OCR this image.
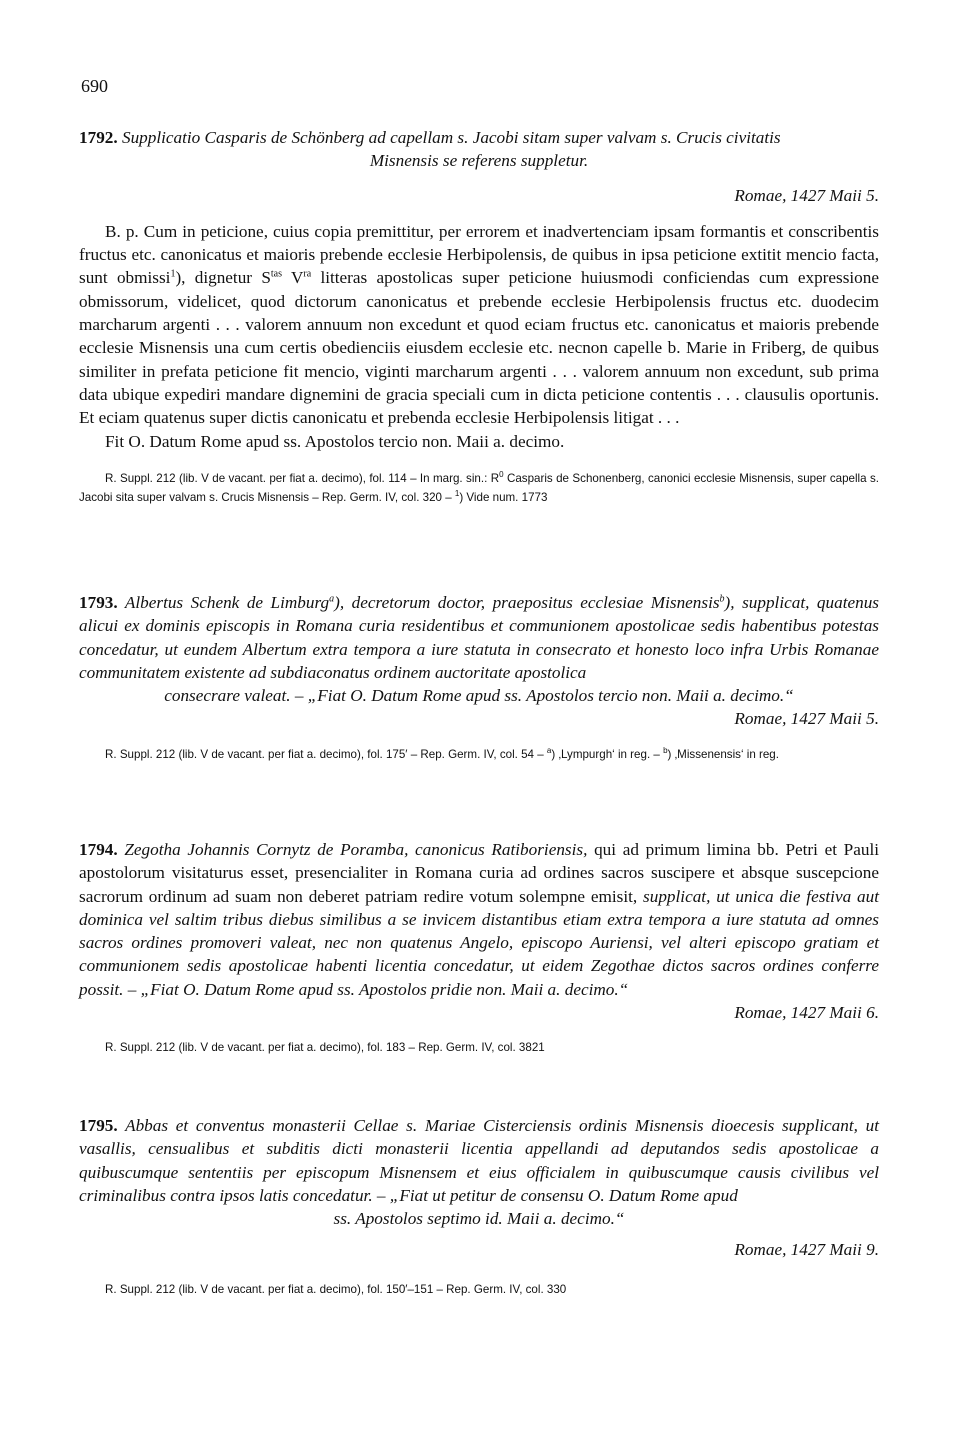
690

1792. Supplicatio Casparis de Schönberg ad capellam s. Jacobi sitam super valvam s. Crucis civitatis

Misnensis se referens suppletur.

Romae, 1427 Maii 5.

B. p. Cum in peticione, cuius copia premittitur, per errorem et inadvertenciam ipsam formantis et conscribentis fructus etc. canonicatus et maioris prebende ecclesie Herbipolensis, de quibus in ipsa peticione extitit mencio facta, sunt obmissi$^1$), dignetur $S^{tas}$ $V^{ra}$ litteras apostolicas super peticione huiusmodi conficiendas cum expressione obmissorum, videlicet, quod dictorum canonicatus et prebende ecclesie Herbipolensis fructus etc. duodecim marcharum argenti . . . valorem annuum non excedunt et quod eciam fructus etc. canonicatus et maioris prebende ecclesie Misnensis una cum certis obedienciis eiusdem ecclesie etc. necnon capelle b. Marie in Friberg, de quibus similiter in prefata peticione fit mencio, viginti marcharum argenti . . . valorem annuum non excedunt, sub prima data ubique expediri mandare dignemini de gracia speciali cum in dicta peticione contentis . . . clausulis oportunis. Et eciam quatenus super dictis canonicatu et prebenda ecclesie Herbipolensis litigat . . .

Fit O. Datum Rome apud ss. Apostolos tercio non. Maii a. decimo.

R. Suppl. 212 (lib. V de vacant. per fiat a. decimo), fol. 114 – In marg. sin.: $R^0$ Casparis de Schonenberg, canonici ecclesie Misnensis, super capella s. Jacobi sita super valvam s. Crucis Misnensis – Rep. Germ. IV, col. 320 – $^1$) Vide num. 1773

1793. Albertus Schenk de Limburg$^a$), decretorum doctor, praepositus ecclesiae Misnensis$^b$), supplicat, quatenus alicui ex dominis episcopis in Romana curia residentibus et communionem apostolicae sedis habentibus potestas concedatur, ut eundem Albertum extra tempora a iure statuta in consecrato et honesto loco infra Urbis Romanae communitatem existente ad subdiaconatus ordinem auctoritate apostolica

consecrare valeat. – „Fiat O. Datum Rome apud ss. Apostolos tercio non. Maii a. decimo.“

Romae, 1427 Maii 5.

R. Suppl. 212 (lib. V de vacant. per fiat a. decimo), fol. 175′ – Rep. Germ. IV, col. 54 – $^a$) ‚Lympurgh‘ in reg. – $^b$) ‚Missenensis‘ in reg.

1794. Zegotha Johannis Cornytz de Poramba, canonicus Ratiboriensis, qui ad primum limina bb. Petri et Pauli apostolorum visitaturus esset, presencialiter in Romana curia ad ordines sacros suscipere et absque suscepcione sacrorum ordinum ad suam non deberet patriam redire votum solempne emisit, supplicat, ut unica die festiva aut dominica vel saltim tribus diebus similibus a se invicem distantibus etiam extra tempora a iure statuta ad omnes sacros ordines promoveri valeat, nec non quatenus Angelo, episcopo Auriensi, vel alteri episcopo gratiam et communionem sedis apostolicae habenti licentia concedatur, ut eidem Zegothae dictos sacros ordines conferre possit. – „Fiat O. Datum Rome apud ss. Apostolos pridie non. Maii a. decimo.“

Romae, 1427 Maii 6.

R. Suppl. 212 (lib. V de vacant. per fiat a. decimo), fol. 183 – Rep. Germ. IV, col. 3821

1795. Abbas et conventus monasterii Cellae s. Mariae Cisterciensis ordinis Misnensis dioecesis supplicant, ut vasallis, censualibus et subditis dicti monasterii licentia appellandi ad deputandos sedis apostolicae a quibuscumque sententiis per episcopum Misnensem et eius officialem in quibuscumque causis civilibus vel criminalibus contra ipsos latis concedatur. – „Fiat ut petitur de consensu O. Datum Rome apud

ss. Apostolos septimo id. Maii a. decimo.“

Romae, 1427 Maii 9.

R. Suppl. 212 (lib. V de vacant. per fiat a. decimo), fol. 150′–151 – Rep. Germ. IV, col. 330
